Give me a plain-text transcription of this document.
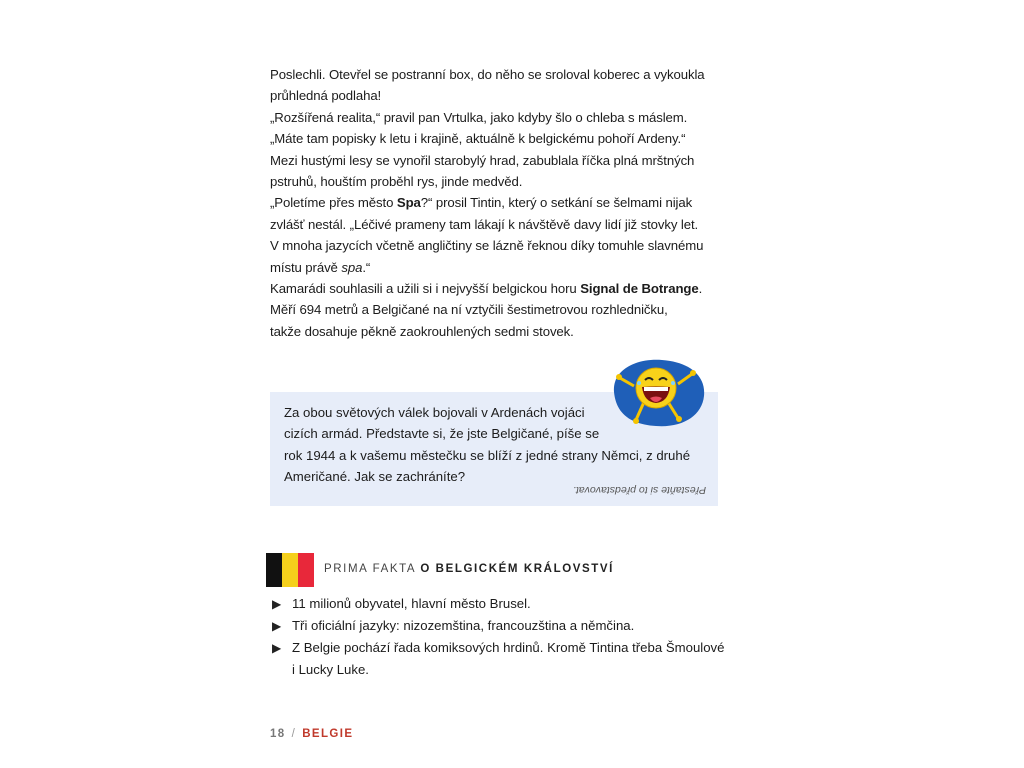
Poslechli. Otevřel se postranní box, do něho se sroloval koberec a vykoukla
průhledná podlaha!
„Rozšířená realita,“ pravil pan Vrtulka, jako kdyby šlo o chleba s máslem.
„Máte tam popisky k letu i krajině, aktuálně k belgickému pohoří Ardeny.“
Mezi hustými lesy se vynořil starobylý hrad, zabublala říčka plná mrštných
pstruhů, houštím proběhl rys, jinde medvěd.
„Poletíme přes město Spa?“ prosil Tintin, který o setkání se šelmami nijak
zvlášť nestál. „Léčivé prameny tam lákají k návštěvě davy lidí již stovky let.
V mnoha jazycích včetně angličtiny se lázně řeknou díky tomuhle slavnému
místu právě spa.“
Kamarádi souhlasili a užili si i nejvyšší belgickou horu Signal de Botrange.
Měří 694 metrů a Belgičané na ní vztyčili šestimetrovou rozhledničku,
takže dosahuje pěkně zaokrouhlených sedmi stovek.
Za obou světových válek bojovali v Ardenách vojáci
cizích armád. Představte si, že jste Belgičané, píše se
rok 1944 a k vašemu městečku se blíží z jedné strany Němci, z druhé
Američané. Jak se zachráníte?
Přestaňte si to představovat.
PRIMA FAKTA O BELGICKÉM KRÁLOVSTVÍ
▶ 11 milionů obyvatel, hlavní město Brusel.
▶ Tři oficiální jazyky: nizozemština, francouzština a němčina.
▶ Z Belgie pochází řada komiksových hrdinů. Kromě Tintina třeba Šmoulové i Lucky Luke.
18 / BELGIE
